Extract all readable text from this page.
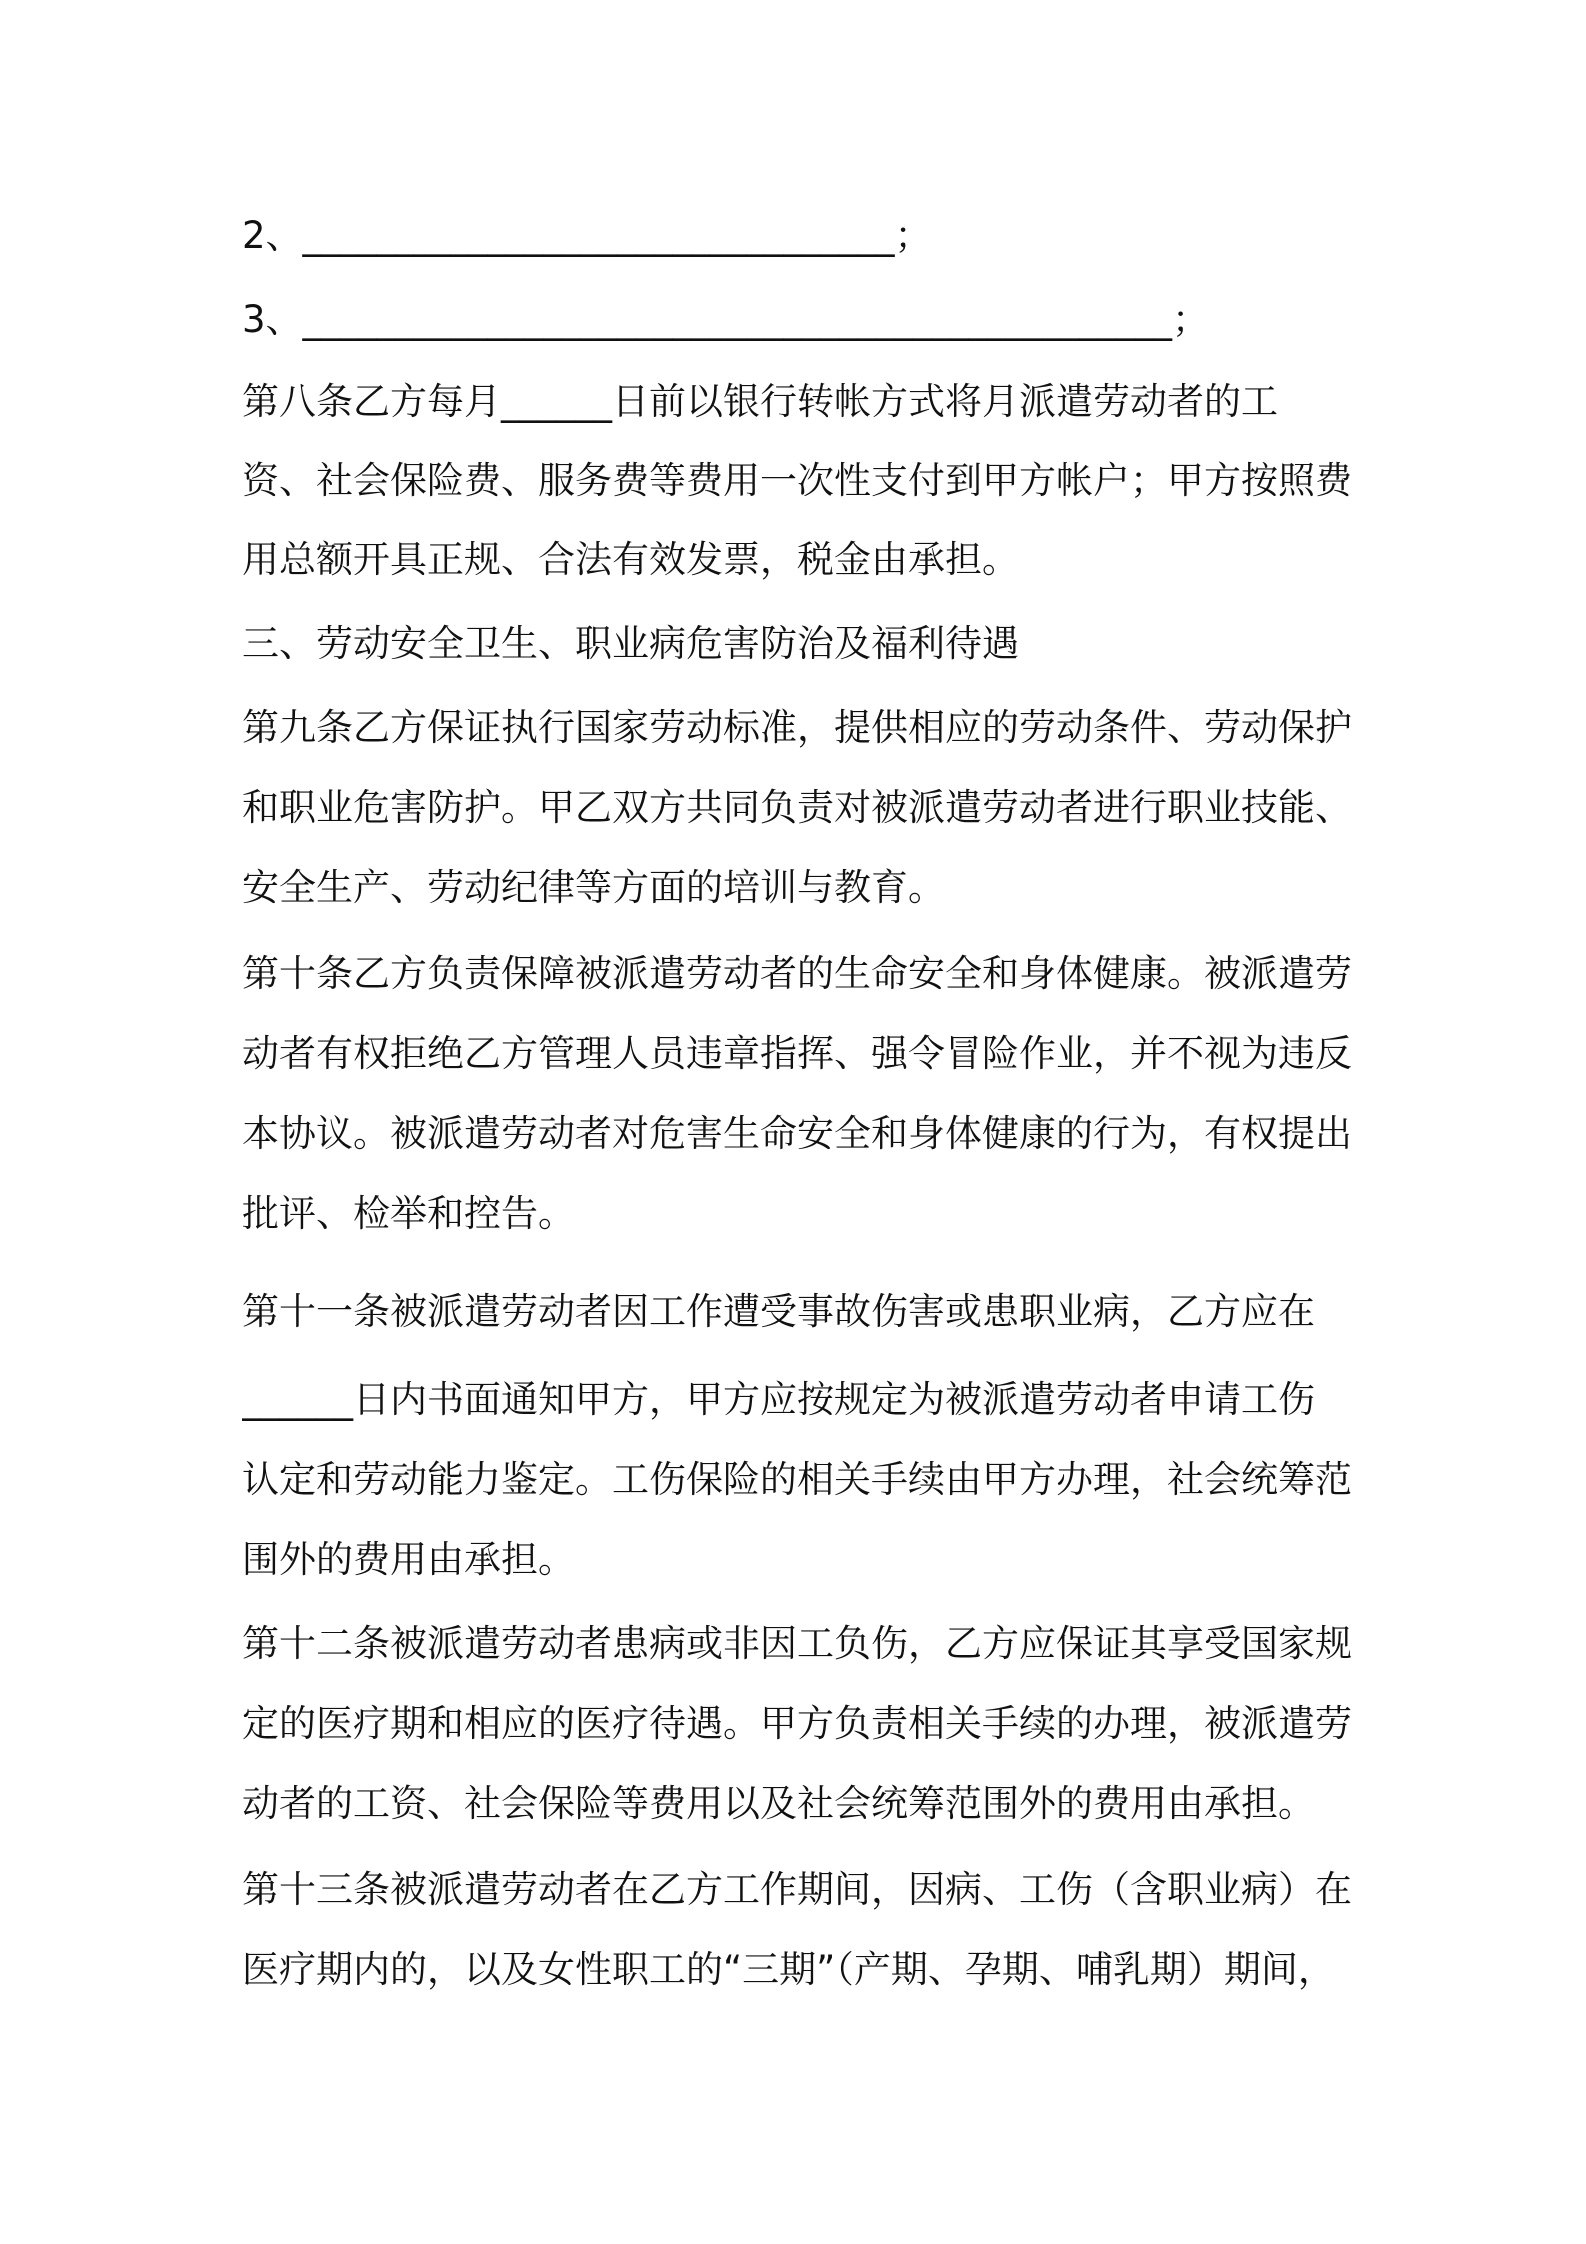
2、________________________________；
3、_______________________________________________；
第八条乙方每月______日前以银行转帐方式将月派遣劳动者的工
资、社会保险费、服务费等费用一次性支付到甲方帐户；甲方按照费
用总额开具正规、合法有效发票，税金由承担。
三、劳动安全卫生、职业病危害防治及福利待遇
第九条乙方保证执行国家劳动标准，提供相应的劳动条件、劳动保护
和职业危害防护。甲乙双方共同负责对被派遣劳动者进行职业技能、
安全生产、劳动纪律等方面的培训与教育。
第十条乙方负责保障被派遣劳动者的生命安全和身体健康。被派遣劳
动者有权拒绝乙方管理人员违章指挥、强令冒险作业，并不视为违反
本协议。被派遣劳动者对危害生命安全和身体健康的行为，有权提出
批评、检举和控告。
第十一条被派遣劳动者因工作遭受事故伤害或患职业病，乙方应在
______日内书面通知甲方，甲方应按规定为被派遣劳动者申请工伤
认定和劳动能力鉴定。工伤保险的相关手续由甲方办理，社会统筹范
围外的费用由承担。
第十二条被派遣劳动者患病或非因工负伤，乙方应保证其享受国家规
定的医疗期和相应的医疗待遇。甲方负责相关手续的办理，被派遣劳
动者的工资、社会保险等费用以及社会统筹范围外的费用由承担。
第十三条被派遣劳动者在乙方工作期间，因病、工伤（含职业病）在
医疗期内的，以及女性职工的“三期”（产期、孕期、哺乳期）期间，
